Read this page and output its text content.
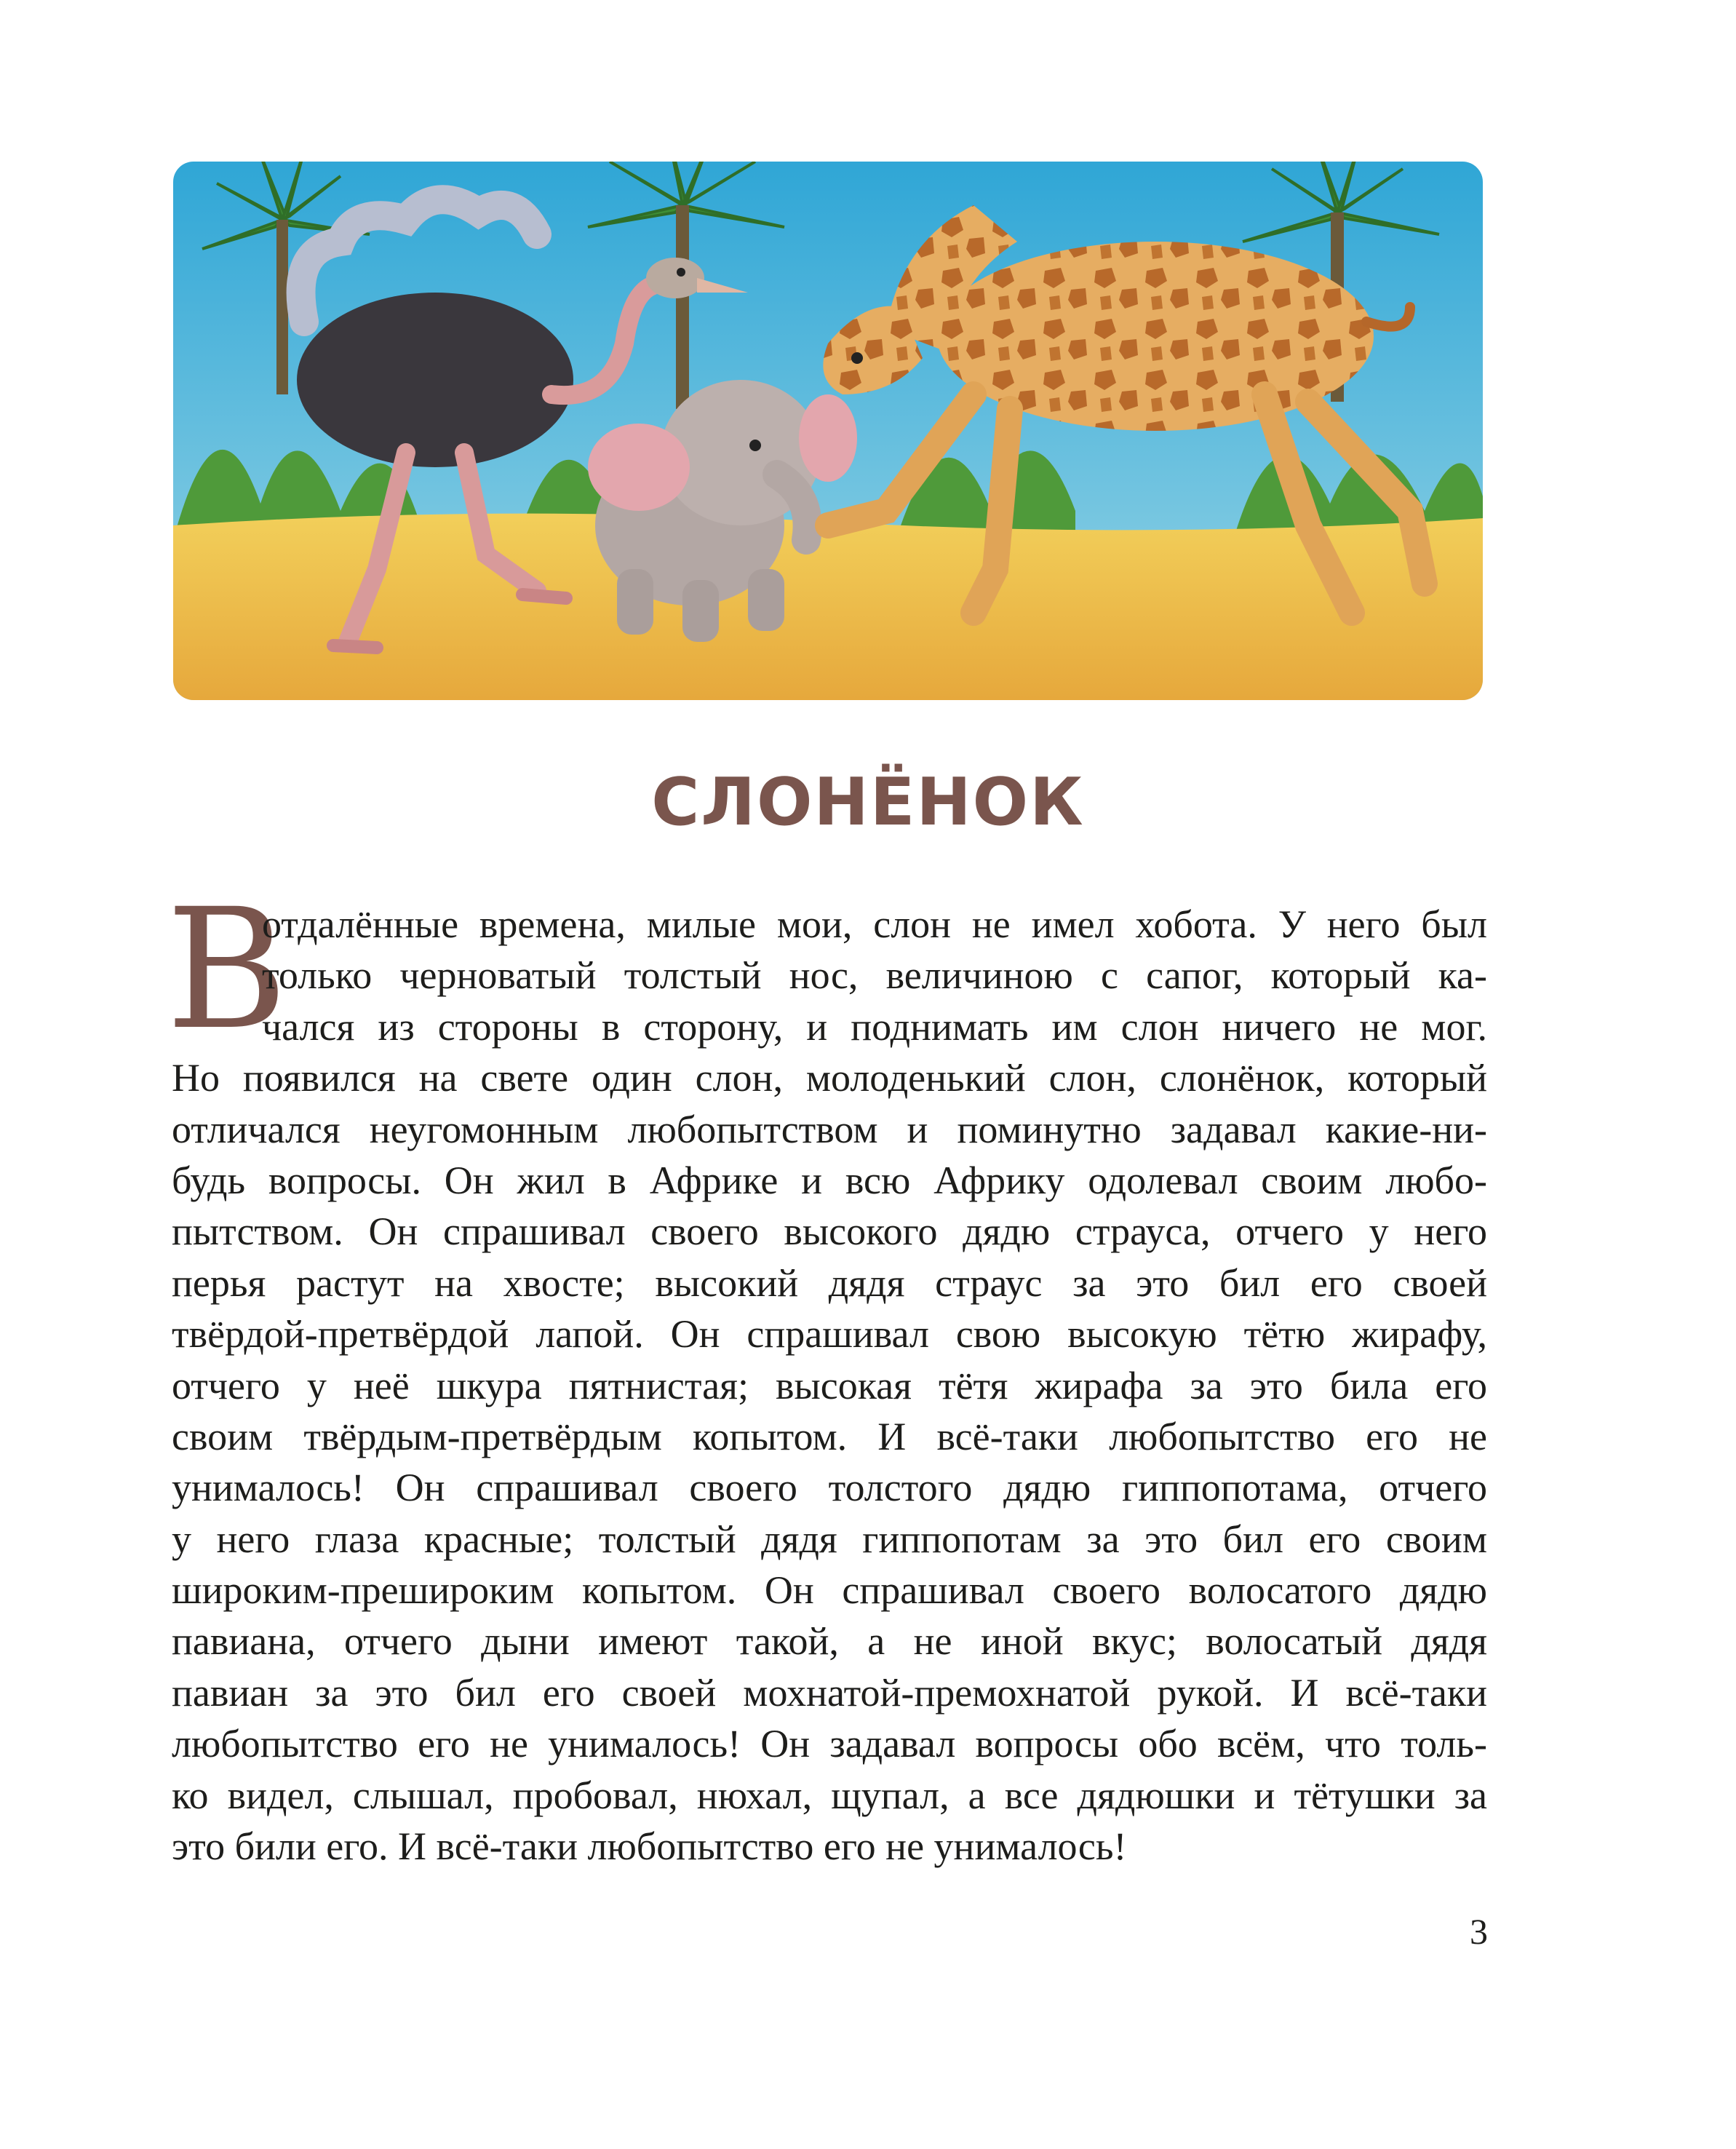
СЛОНЁНОК
В
отдалённые времена, милые мои, слон не имел хобота. У него был
только черноватый толстый нос, величиною с сапог, который ка-
чался из стороны в сторону, и поднимать им слон ничего не мог.
Но появился на свете один слон, молоденький слон, слонёнок, который
отличался неугомонным любопытством и поминутно задавал какие-ни-
будь вопросы. Он жил в Африке и всю Африку одолевал своим любо-
пытством. Он спрашивал своего высокого дядю страуса, отчего у него
перья растут на хвосте; высокий дядя страус за это бил его своей
твёрдой-претвёрдой лапой. Он спрашивал свою высокую тётю жирафу,
отчего у неё шкура пятнистая; высокая тётя жирафа за это била его
своим твёрдым-претвёрдым копытом. И всё-таки любопытство его не
унималось! Он спрашивал своего толстого дядю гиппопотама, отчего
у него глаза красные; толстый дядя гиппопотам за это бил его своим
широким-прешироким копытом. Он спрашивал своего волосатого дядю
павиана, отчего дыни имеют такой, а не иной вкус; волосатый дядя
павиан за это бил его своей мохнатой-премохнатой рукой. И всё-таки
любопытство его не унималось! Он задавал вопросы обо всём, что толь-
ко видел, слышал, пробовал, нюхал, щупал, а все дядюшки и тётушки за
это били его. И всё-таки любопытство его не унималось!
3
